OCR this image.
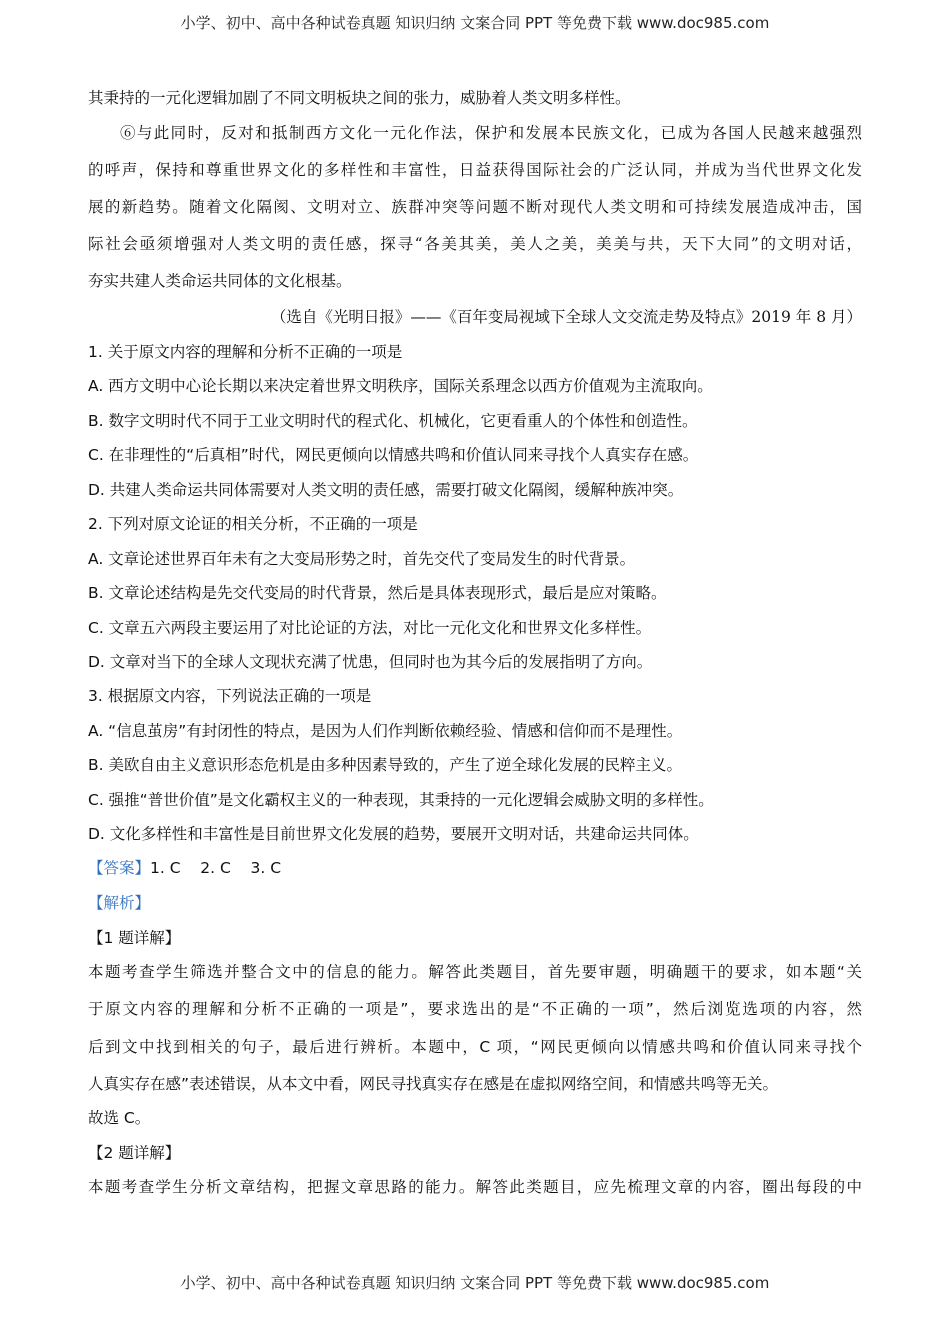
小学、初中、高中各种试卷真题 知识归纳 文案合同 PPT 等免费下载 www.doc985.com
其秉持的一元化逻辑加剧了不同文明板块之间的张力，威胁着人类文明多样性。
⑥与此同时，反对和抵制西方文化一元化作法，保护和发展本民族文化，已成为各国人民越来越强烈
的呼声，保持和尊重世界文化的多样性和丰富性，日益获得国际社会的广泛认同，并成为当代世界文化发
展的新趋势。随着文化隔阂、文明对立、族群冲突等问题不断对现代人类文明和可持续发展造成冲击，国
际社会亟须增强对人类文明的责任感，探寻“各美其美，美人之美，美美与共，天下大同”的文明对话，
夯实共建人类命运共同体的文化根基。
（选自《光明日报》——《百年变局视域下全球人文交流走势及特点》2019 年 8 月）
1. 关于原文内容的理解和分析不正确的一项是
A. 西方文明中心论长期以来决定着世界文明秩序，国际关系理念以西方价值观为主流取向。
B. 数字文明时代不同于工业文明时代的程式化、机械化，它更看重人的个体性和创造性。
C. 在非理性的“后真相”时代，网民更倾向以情感共鸣和价值认同来寻找个人真实存在感。
D. 共建人类命运共同体需要对人类文明的责任感，需要打破文化隔阂，缓解种族冲突。
2. 下列对原文论证的相关分析，不正确的一项是
A. 文章论述世界百年未有之大变局形势之时，首先交代了变局发生的时代背景。
B. 文章论述结构是先交代变局的时代背景，然后是具体表现形式，最后是应对策略。
C. 文章五六两段主要运用了对比论证的方法，对比一元化文化和世界文化多样性。
D. 文章对当下的全球人文现状充满了忧患，但同时也为其今后的发展指明了方向。
3. 根据原文内容，下列说法正确的一项是
A. “信息茧房”有封闭性的特点，是因为人们作判断依赖经验、情感和信仰而不是理性。
B. 美欧自由主义意识形态危机是由多种因素导致的，产生了逆全球化发展的民粹主义。
C. 强推“普世价值”是文化霸权主义的一种表现，其秉持的一元化逻辑会威胁文明的多样性。
D. 文化多样性和丰富性是目前世界文化发展的趋势，要展开文明对话，共建命运共同体。
【答案】1. C    2. C    3. C
【解析】
【1 题详解】
本题考查学生筛选并整合文中的信息的能力。解答此类题目，首先要审题，明确题干的要求，如本题“关
于原文内容的理解和分析不正确的一项是”，要求选出的是“不正确的一项”，然后浏览选项的内容，然
后到文中找到相关的句子，最后进行辨析。本题中，C 项，“网民更倾向以情感共鸣和价值认同来寻找个
人真实存在感”表述错误，从本文中看，网民寻找真实存在感是在虚拟网络空间，和情感共鸣等无关。
故选 C。
【2 题详解】
本题考查学生分析文章结构，把握文章思路的能力。解答此类题目，应先梳理文章的内容，圈出每段的中
小学、初中、高中各种试卷真题 知识归纳 文案合同 PPT 等免费下载 www.doc985.com
